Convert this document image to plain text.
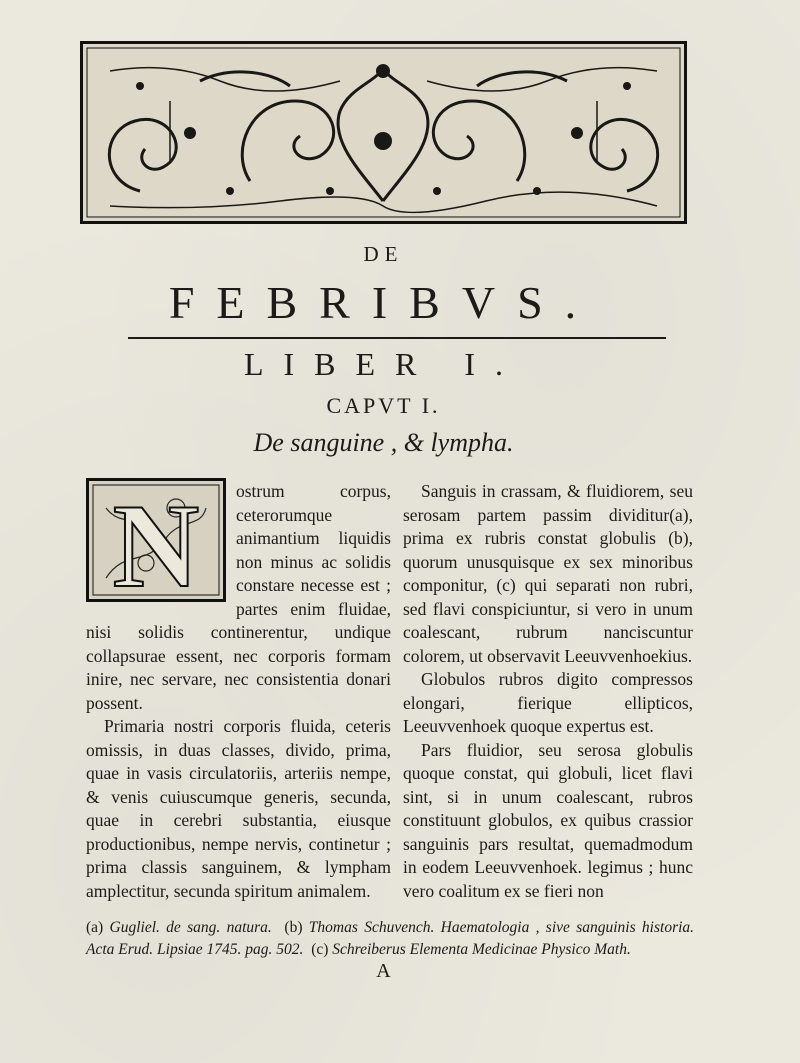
DE
FEBRIBVS.
LIBER I.
CAPVT I.
De sanguine , & lympha.
N	ostrum corpus, ceterorumque animantium liquidis non minus ac solidis constare necesse est ; partes enim fluidae, nisi solidis continerentur, undique collapsurae essent, nec corporis formam inire, nec servare, nec consistentia donari possent.

Primaria nostri corporis fluida, ceteris omissis, in duas classes, divido, prima, quae in vasis circulatoriis, arteriis nempe, & venis cuiuscumque generis, secunda, quae in cerebri substantia, eiusque productionibus, nempe nervis, continetur ; prima classis sanguinem, & lympham amplectitur, secunda spiritum animalem.

Sanguis in crassam, & fluidiorem, seu serosam partem passim dividitur(a), prima ex rubris constat globulis (b), quorum unusquisque ex sex minoribus componitur, (c) qui separati non rubri, sed flavi conspiciuntur, si vero in unum coalescant, rubrum nanciscuntur colorem, ut observavit Leeuvvenhoekius.

Globulos rubros digito compressos elongari, fierique ellipticos, Leeuvvenhoek quoque expertus est.

Pars fluidior, seu serosa globulis quoque constat, qui globuli, licet flavi sint, si in unum coalescant, rubros constituunt globulos, ex quibus crassior sanguinis pars resultat, quemadmodum in eodem Leeuvvenhoek. legimus ; hunc vero coalitum ex se fieri non

(a) Gugliel. de sang. natura. (b) Thomas Schuvench. Haematologia , sive sanguinis historia. Acta Erud. Lipsiae 1745. pag. 502. (c) Schreiberus Elementa Medicinae Physico Math.
A
